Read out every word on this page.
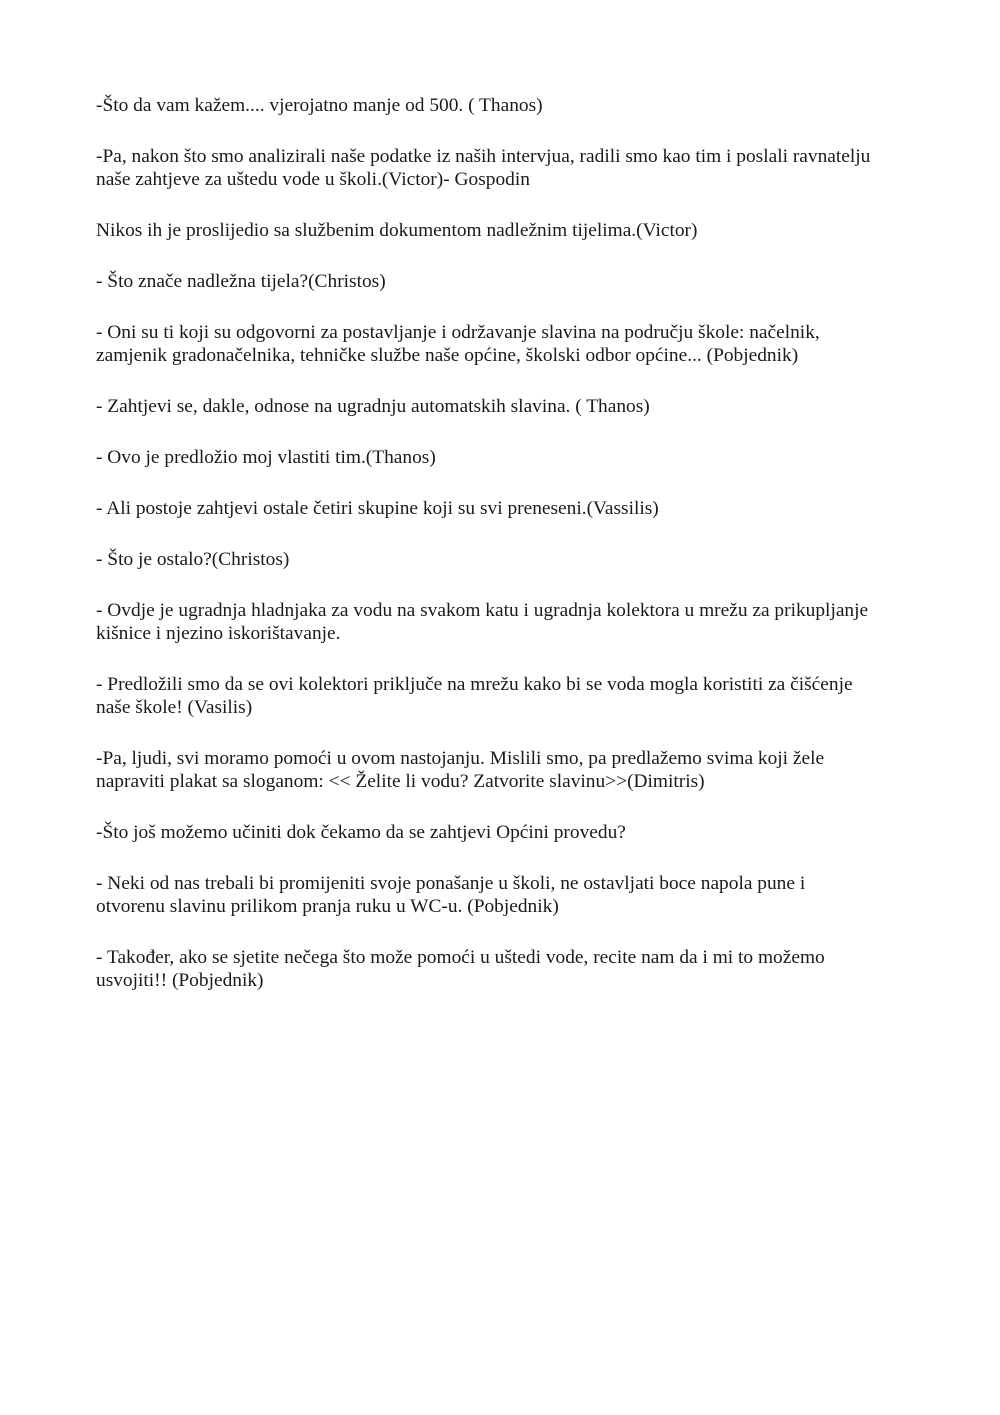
-Što da vam kažem.... vjerojatno manje od 500. ( Thanos)

-Pa, nakon što smo analizirali naše podatke iz naših intervjua, radili smo kao tim i poslali ravnatelju
naše zahtjeve za uštedu vode u školi.(Victor)- Gospodin

Nikos ih je proslijedio sa službenim dokumentom nadležnim tijelima.(Victor)

- Što znače nadležna tijela?(Christos)

- Oni su ti koji su odgovorni za postavljanje i održavanje slavina na području škole: načelnik,
zamjenik gradonačelnika, tehničke službe naše općine, školski odbor općine... (Pobjednik)

- Zahtjevi se, dakle, odnose na ugradnju automatskih slavina. ( Thanos)

- Ovo je predložio moj vlastiti tim.(Thanos)

- Ali postoje zahtjevi ostale četiri skupine koji su svi preneseni.(Vassilis)

- Što je ostalo?(Christos)

- Ovdje je ugradnja hladnjaka za vodu na svakom katu i ugradnja kolektora u mrežu za prikupljanje
kišnice i njezino iskorištavanje.

- Predložili smo da se ovi kolektori priključe na mrežu kako bi se voda mogla koristiti za čišćenje
naše škole! (Vasilis)

-Pa, ljudi, svi moramo pomoći u ovom nastojanju. Mislili smo, pa predlažemo svima koji žele
napraviti plakat sa sloganom: << Želite li vodu? Zatvorite slavinu>>(Dimitris)

-Što još možemo učiniti dok čekamo da se zahtjevi Općini provedu?

- Neki od nas trebali bi promijeniti svoje ponašanje u školi, ne ostavljati boce napola pune i
otvorenu slavinu prilikom pranja ruku u WC-u. (Pobjednik)

- Također, ako se sjetite nečega što može pomoći u uštedi vode, recite nam da i mi to možemo
usvojiti!! (Pobjednik)
